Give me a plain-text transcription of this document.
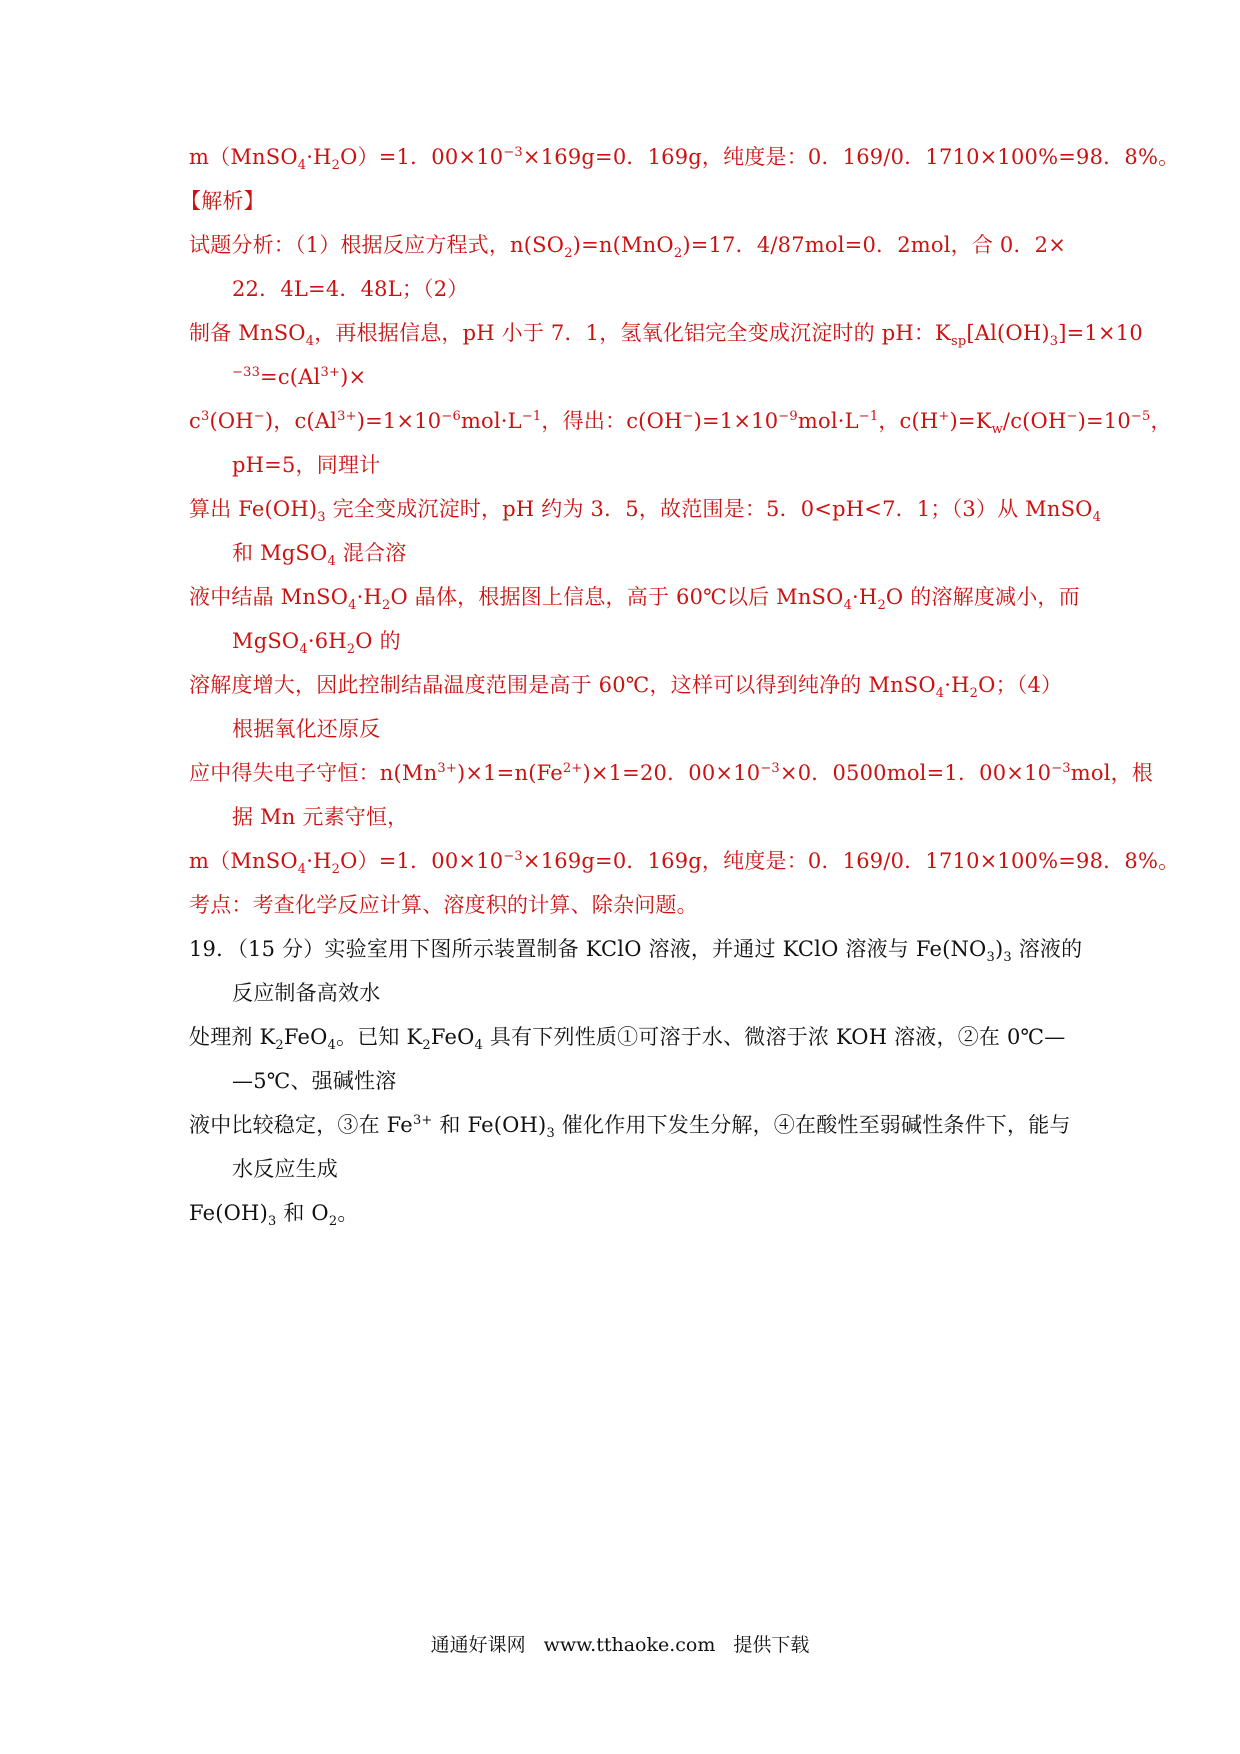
$m(MnSO_4\cdot H_2O)=1$．$00\times 10^{-3}\times 169g=0$．169g，纯度是：0．169/0．1710×100%=98．8%。
【解析】
试题分析：（1）根据反应方程式，$n(SO_2)=n(MnO_2)=17$．4/87mol=0．2mol，合 0．2×
22．4L=4．48L；（2）
制备 MnSO$_4$，再根据信息，pH 小于 7．1，氢氧化铝完全变成沉淀时的 pH：$K_{sp}[Al(OH)_3]=1\times 10$
$^{-33}=c(Al^{3+})\times$
$c^3(OH^-)$，$c(Al^{3+})=1\times 10^{-6}mol\cdot L^{-1}$，得出：$c(OH^-)=1\times 10^{-9}mol\cdot L^{-1}$，$c(H^+)=K_w/c(OH^-)=10^{-5}$，
pH=5，同理计
算出 $Fe(OH)_3$ 完全变成沉淀时，pH 约为 3．5，故范围是：5．0<pH<7．1；（3）从 MnSO$_4$
和 MgSO$_4$ 混合溶
液中结晶 $MnSO_4\cdot H_2O$ 晶体，根据图上信息，高于 60℃以后 $MnSO_4\cdot H_2O$ 的溶解度减小，而
$MgSO_4\cdot 6H_2O$ 的
溶解度增大，因此控制结晶温度范围是高于 60℃，这样可以得到纯净的 $MnSO_4\cdot H_2O$；（4）
根据氧化还原反
应中得失电子守恒：$n(Mn^{3+})\times 1=n(Fe^{2+})\times 1=20$．$00\times 10^{-3}\times 0$．0500mol=1．$00\times 10^{-3}mol$，根
据 Mn 元素守恒，
$m(MnSO_4\cdot H_2O)=1$．$00\times 10^{-3}\times 169g=0$．169g，纯度是：0．169/0．1710×100%=98．8%。
考点：考查化学反应计算、溶度积的计算、除杂问题。
19．（15 分）实验室用下图所示装置制备 KClO 溶液，并通过 KClO 溶液与 $Fe(NO_3)_3$ 溶液的
反应制备高效水
处理剂 $K_2FeO_4$。已知 $K_2FeO_4$ 具有下列性质①可溶于水、微溶于浓 KOH 溶液，②在 0℃—
—5℃、强碱性溶
液中比较稳定，③在 $Fe^{3+}$ 和 $Fe(OH)_3$ 催化作用下发生分解，④在酸性至弱碱性条件下，能与
水反应生成
$Fe(OH)_3$ 和 $O_2$。
通通好课网 www.tthaoke.com 提供下载
